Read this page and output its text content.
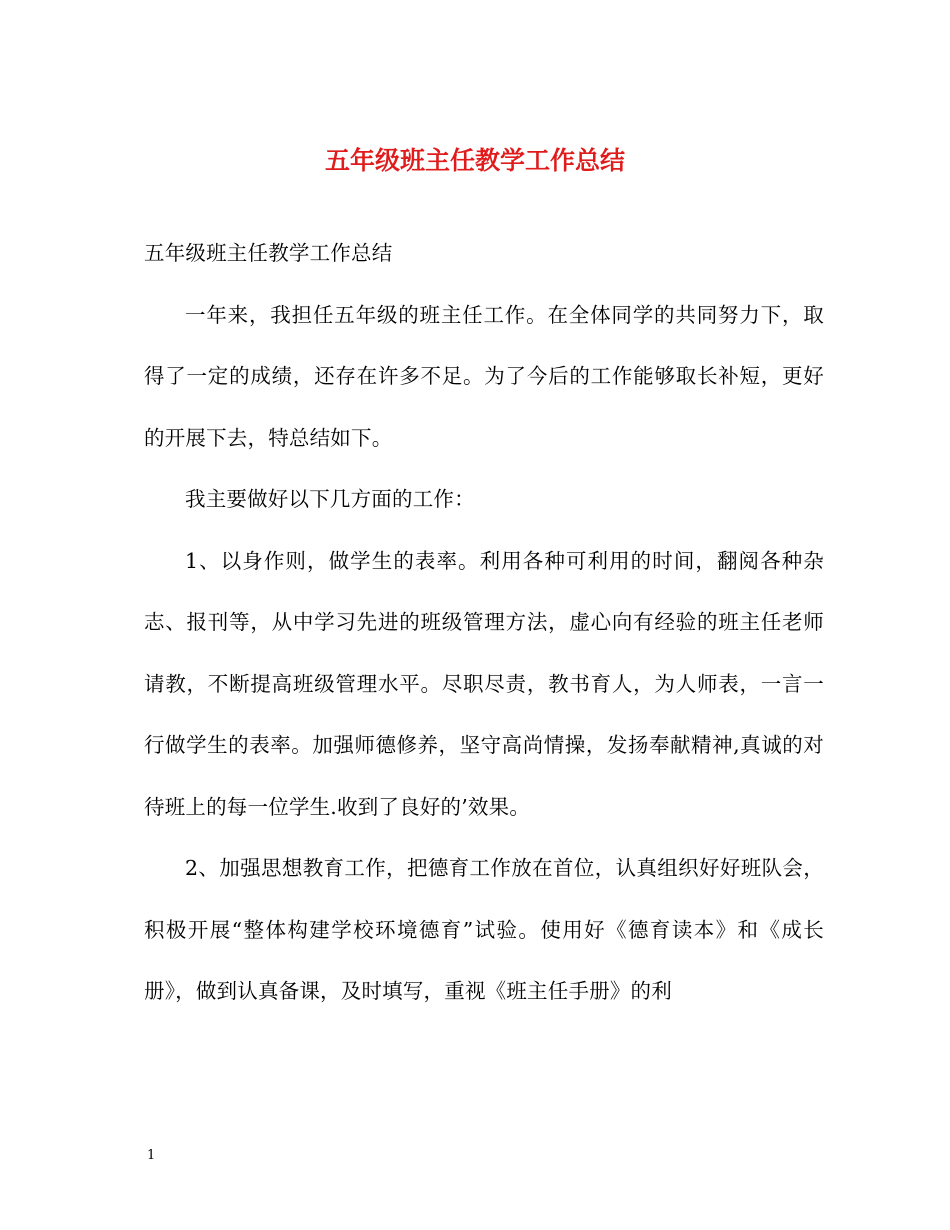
五年级班主任教学工作总结

五年级班主任教学工作总结

一年来，我担任五年级的班主任工作。在全体同学的共同努力下，取得了一定的成绩，还存在许多不足。为了今后的工作能够取长补短，更好的开展下去，特总结如下。

我主要做好以下几方面的工作：

1、以身作则，做学生的表率。利用各种可利用的时间，翻阅各种杂志、报刊等，从中学习先进的班级管理方法，虚心向有经验的班主任老师请教，不断提高班级管理水平。尽职尽责，教书育人，为人师表，一言一行做学生的表率。加强师德修养，坚守高尚情操，发扬奉献精神,真诚的对待班上的每一位学生.收到了良好的’效果。

2、加强思想教育工作，把德育工作放在首位，认真组织好好班队会，积极开展“整体构建学校环境德育”试验。使用好《德育读本》和《成长册》，做到认真备课，及时填写，重视《班主任手册》的利

1
